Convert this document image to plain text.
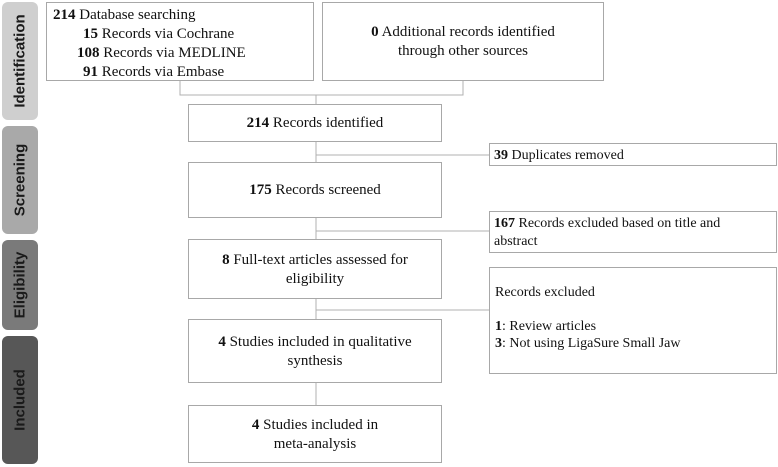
Identification
Screening
Eligibility
Included
214 Database searching
15 Records via Cochrane
108 Records via MEDLINE
91 Records via Embase
0 Additional records identified
through other sources
214 Records identified
39 Duplicates removed
175 Records screened
167 Records excluded based on title and
abstract
8 Full-text articles assessed for
eligibility
Records excluded
1: Review articles
3: Not using LigaSure Small Jaw
4 Studies included in qualitative
synthesis
4 Studies included in
meta-analysis
